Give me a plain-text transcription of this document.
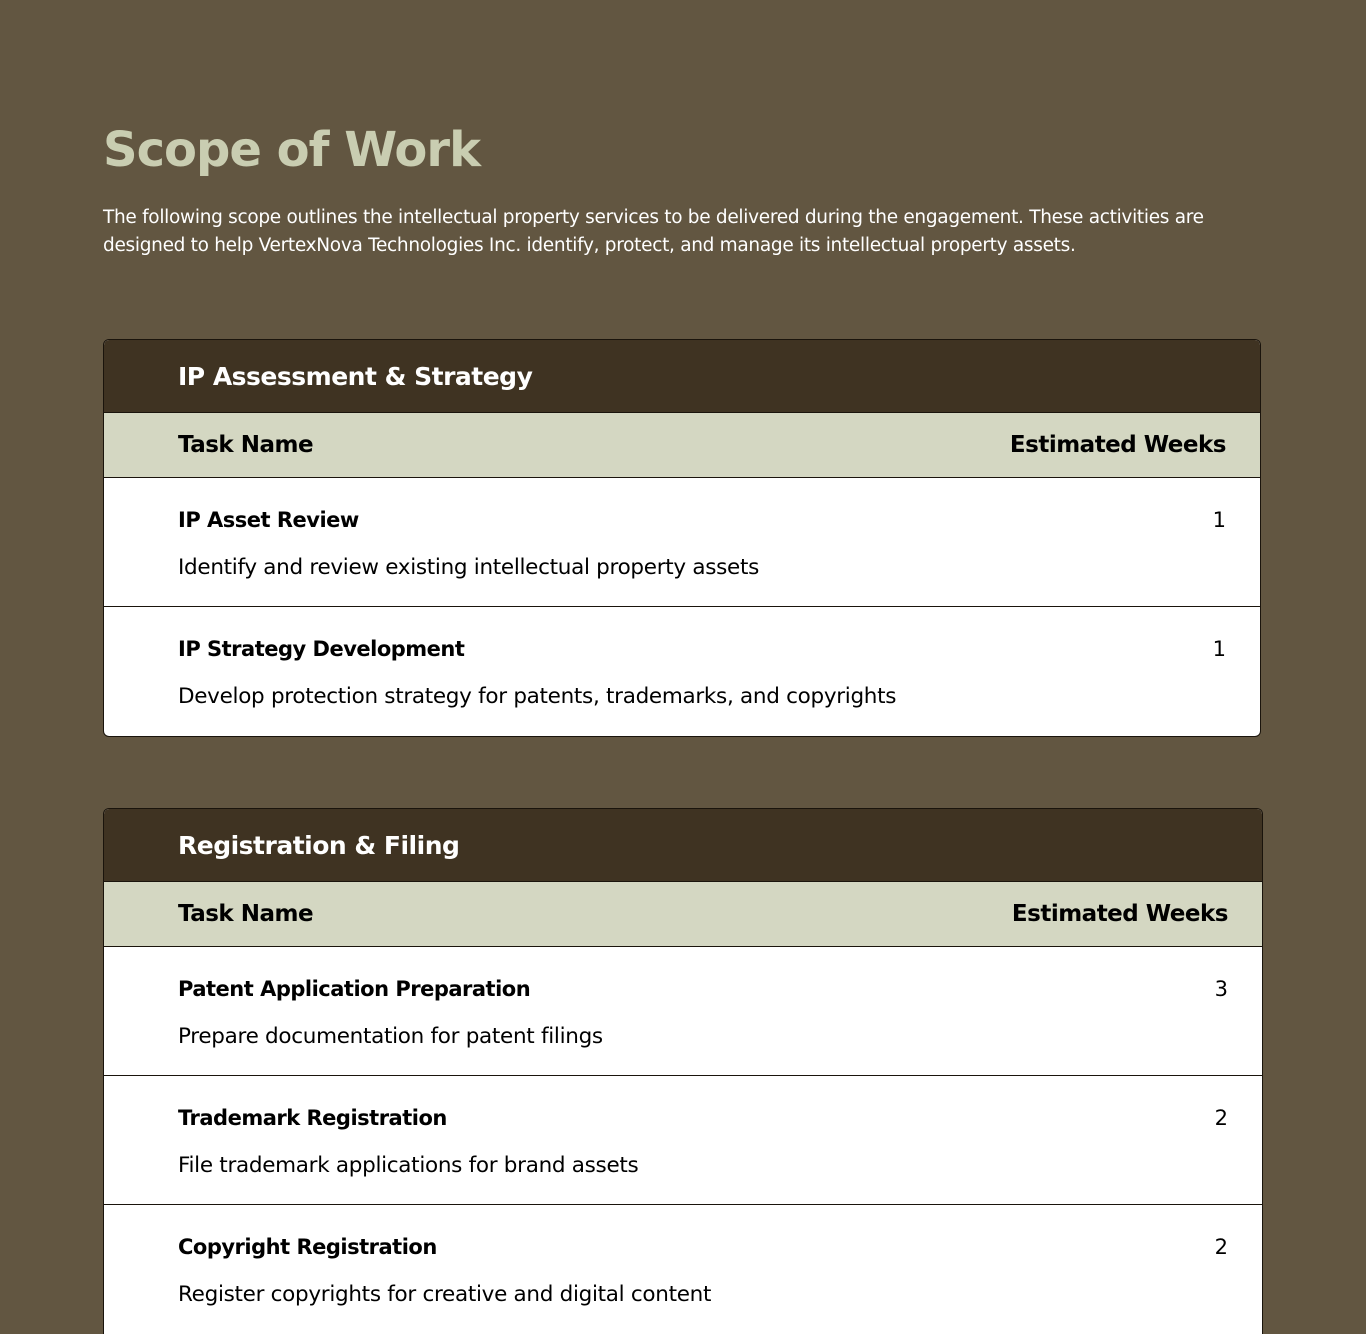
Scope of Work

The following scope outlines the intellectual property services to be delivered during the engagement. These activities are designed to help VertexNova Technologies Inc. identify, protect, and manage its intellectual property assets.

IP Assessment & Strategy
Task Name	Estimated Weeks
IP Asset Review
Identify and review existing intellectual property assets
1
IP Strategy Development
Develop protection strategy for patents, trademarks, and copyrights
1
Registration & Filing
Task Name	Estimated Weeks
Patent Application Preparation
Prepare documentation for patent filings
3
Trademark Registration
File trademark applications for brand assets
2
Copyright Registration
Register copyrights for creative and digital content
2
